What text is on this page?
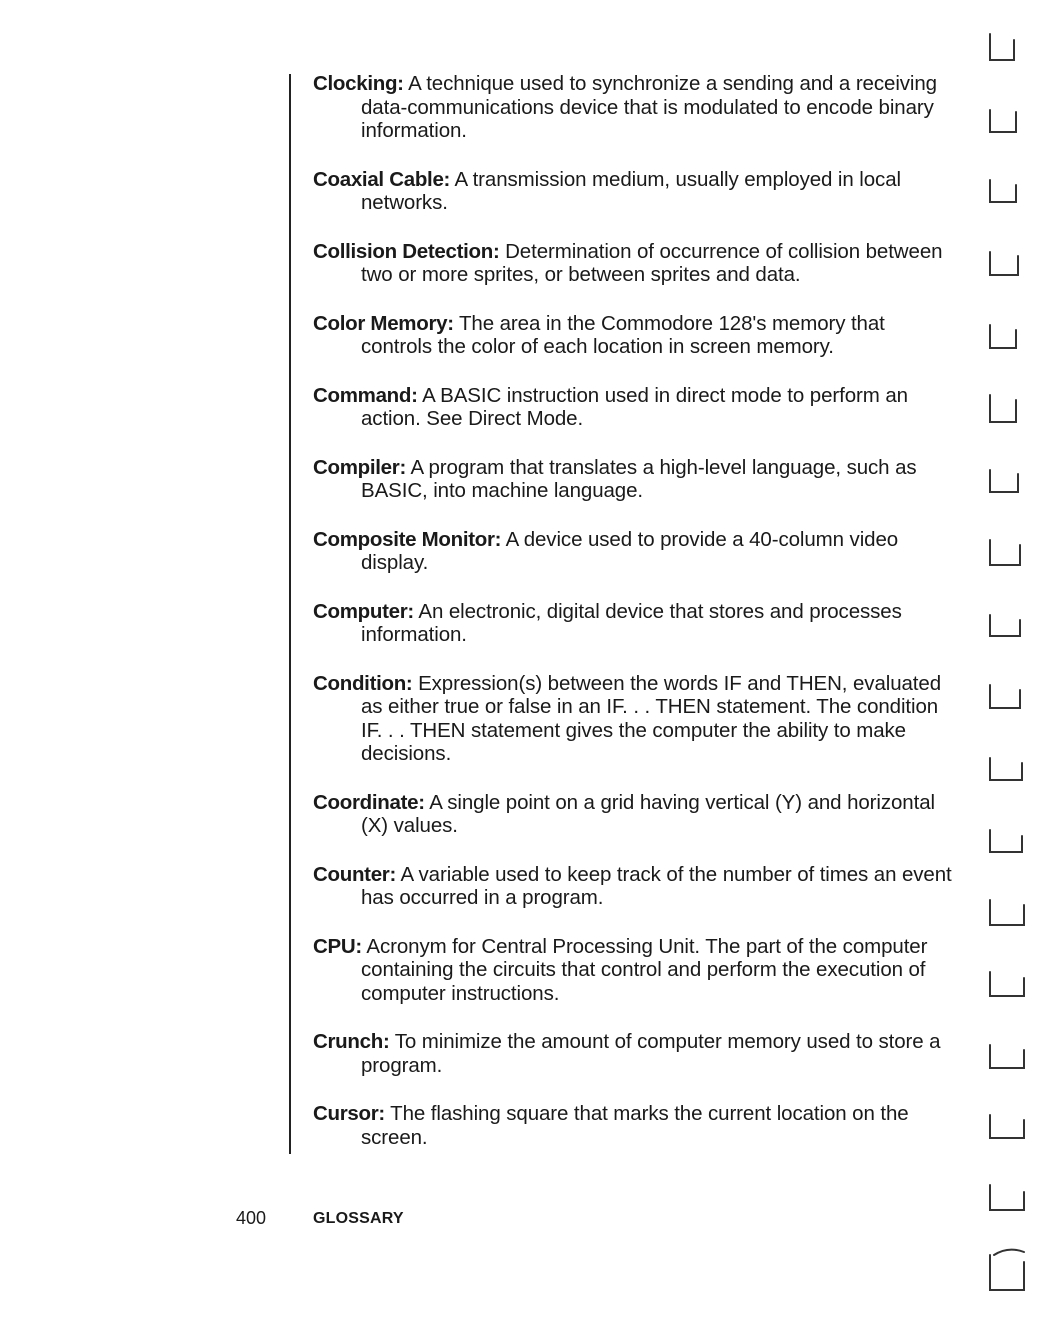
Clocking: A technique used to synchronize a sending and a receiving data-communications device that is modulated to encode binary information.

Coaxial Cable: A transmission medium, usually employed in local networks.

Collision Detection: Determination of occurrence of collision between two or more sprites, or between sprites and data.

Color Memory: The area in the Commodore 128's memory that controls the color of each location in screen memory.

Command: A BASIC instruction used in direct mode to perform an action. See Direct Mode.

Compiler: A program that translates a high-level language, such as BASIC, into machine language.

Composite Monitor: A device used to provide a 40-column video display.

Computer: An electronic, digital device that stores and processes information.

Condition: Expression(s) between the words IF and THEN, evaluated as either true or false in an IF. . . THEN statement. The condition IF. . . THEN statement gives the computer the ability to make decisions.

Coordinate: A single point on a grid having vertical (Y) and horizontal (X) values.

Counter: A variable used to keep track of the number of times an event has occurred in a program.

CPU: Acronym for Central Processing Unit. The part of the computer containing the circuits that control and perform the execution of computer instructions.

Crunch: To minimize the amount of computer memory used to store a program.

Cursor: The flashing square that marks the current location on the screen.

400	GLOSSARY
